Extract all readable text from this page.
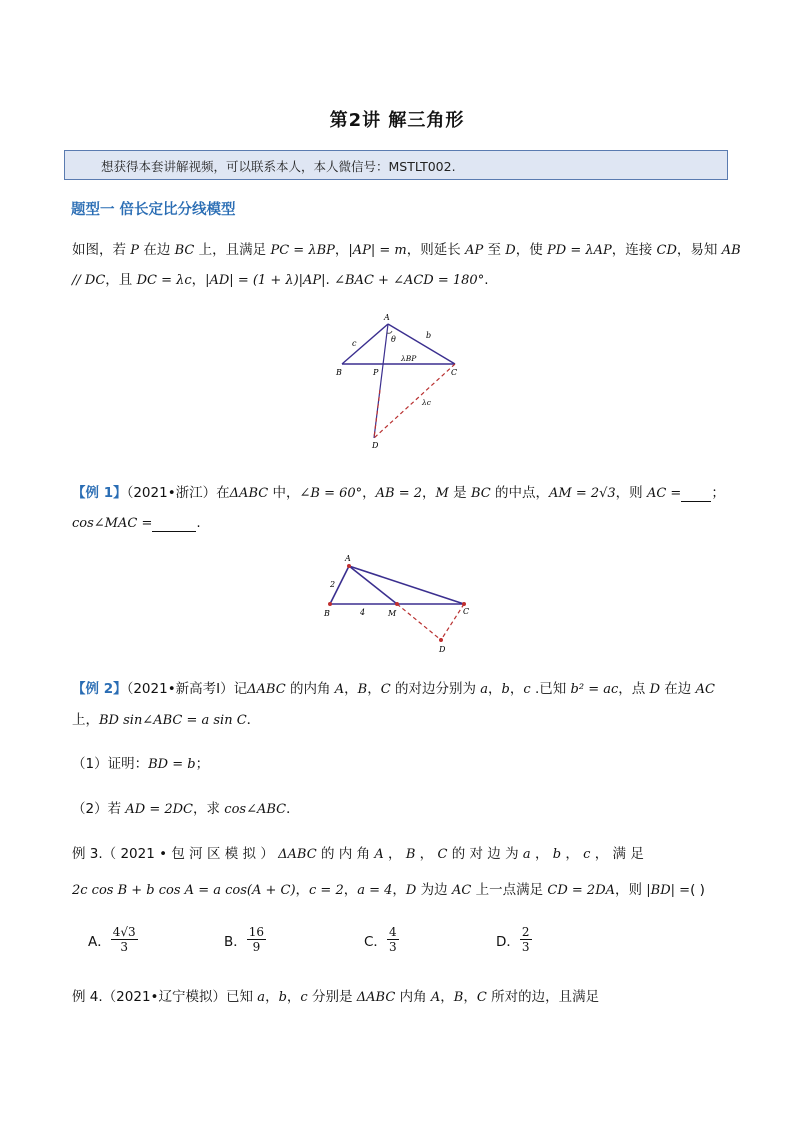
第2讲 解三角形
想获得本套讲解视频，可以联系本人，本人微信号：MSTLT002.
题型一 倍长定比分线模型
如图，若 P 在边 BC 上，且满足 PC = λBP，|AP| = m，则延长 AP 至 D，使 PD = λAP，连接 CD，易知 AB
// DC，且 DC = λc，|AD| = (1 + λ)|AP|. ∠BAC + ∠ACD = 180°.
A
B	P	C
D
c
b
θ
λBP
λc
【例 1】（2021•浙江）在ΔABC 中，∠B = 60°，AB = 2，M 是 BC 的中点，AM = 2√3，则 AC = ；
cos∠MAC =	.
A
B	M	C
D
2
4
【例 2】（2021•新高考Ⅰ）记ΔABC 的内角 A，B，C 的对边分别为 a，b，c .已知 b² = ac，点 D 在边 AC
上，BD sin∠ABC = a sin C．
（1）证明：BD = b；
（2）若 AD = 2DC，求 cos∠ABC．
例 3.（ 2021 • 包 河 区 模 拟 ） ΔABC 的 内 角 A ， B ， C 的 对 边 为 a ， b ， c ， 满 足
2c cos B + b cos A = a cos(A + C)，c = 2，a = 4，D 为边 AC 上一点满足 CD = 2DA，则 |BD| =( )
A． $\frac{4√3}{3}$	B． $\frac{16}{9}$	C． $\frac{4}{3}$	D． $\frac{2}{3}$
例 4.（2021•辽宁模拟）已知 a，b，c 分别是 ΔABC 内角 A，B，C 所对的边，且满足
